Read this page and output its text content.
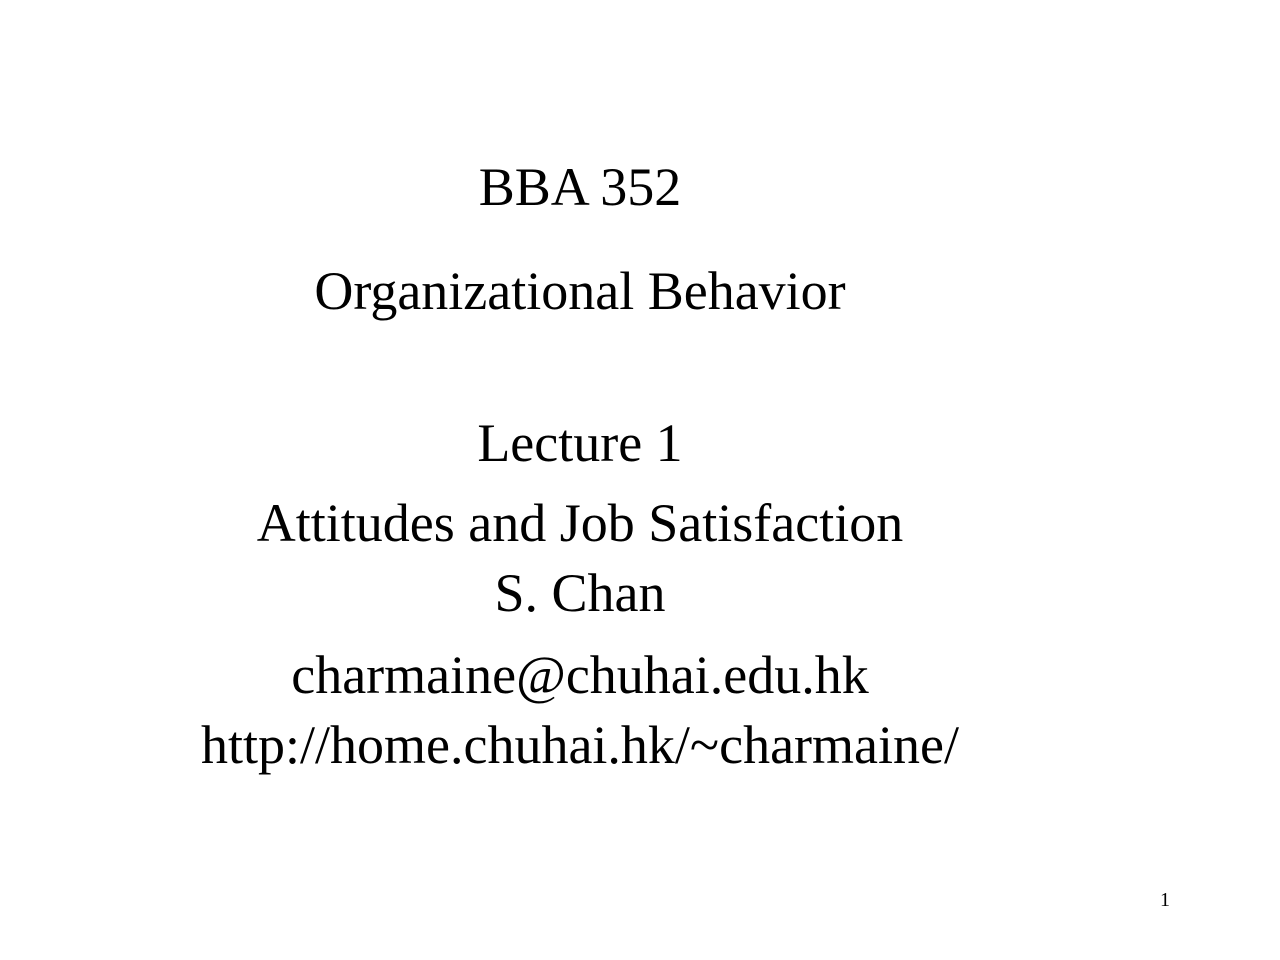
BBA 352
Organizational Behavior
Lecture 1
Attitudes and Job Satisfaction
S. Chan
charmaine@chuhai.edu.hk
http://home.chuhai.hk/~charmaine/
1
